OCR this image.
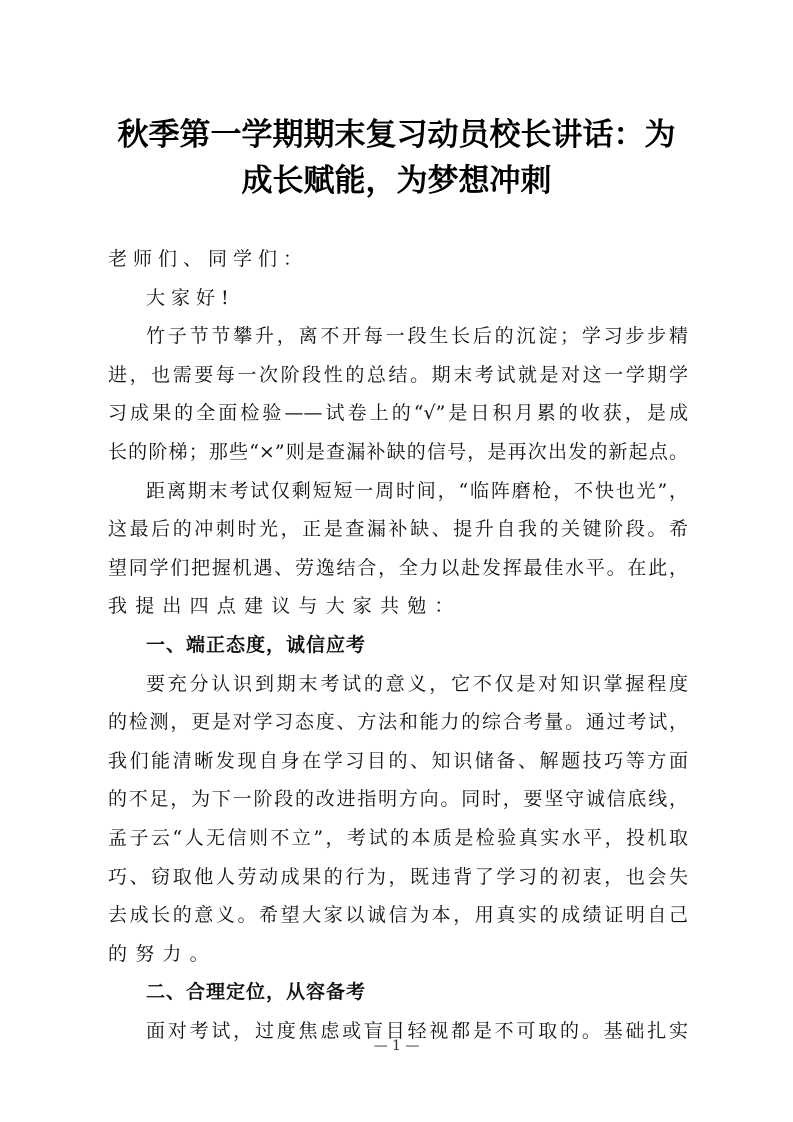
秋季第一学期期末复习动员校长讲话：为
成长赋能，为梦想冲刺
老师们、同学们：
大家好!
竹子节节攀升，离不开每一段生长后的沉淀；学习步步精
进，也需要每一次阶段性的总结。期末考试就是对这一学期学
习成果的全面检验——试卷上的“√”是日积月累的收获，是成
长的阶梯；那些“×”则是查漏补缺的信号，是再次出发的新起点。
距离期末考试仅剩短短一周时间，“临阵磨枪，不快也光”，
这最后的冲刺时光，正是查漏补缺、提升自我的关键阶段。希
望同学们把握机遇、劳逸结合，全力以赴发挥最佳水平。在此，
我提出四点建议与大家共勉：
一、端正态度，诚信应考
要充分认识到期末考试的意义，它不仅是对知识掌握程度
的检测，更是对学习态度、方法和能力的综合考量。通过考试，
我们能清晰发现自身在学习目的、知识储备、解题技巧等方面
的不足，为下一阶段的改进指明方向。同时，要坚守诚信底线，
孟子云“人无信则不立”，考试的本质是检验真实水平，投机取
巧、窃取他人劳动成果的行为，既违背了学习的初衷，也会失
去成长的意义。希望大家以诚信为本，用真实的成绩证明自己
的努力。
二、合理定位，从容备考
面对考试，过度焦虑或盲目轻视都是不可取的。基础扎实
— 1 —
